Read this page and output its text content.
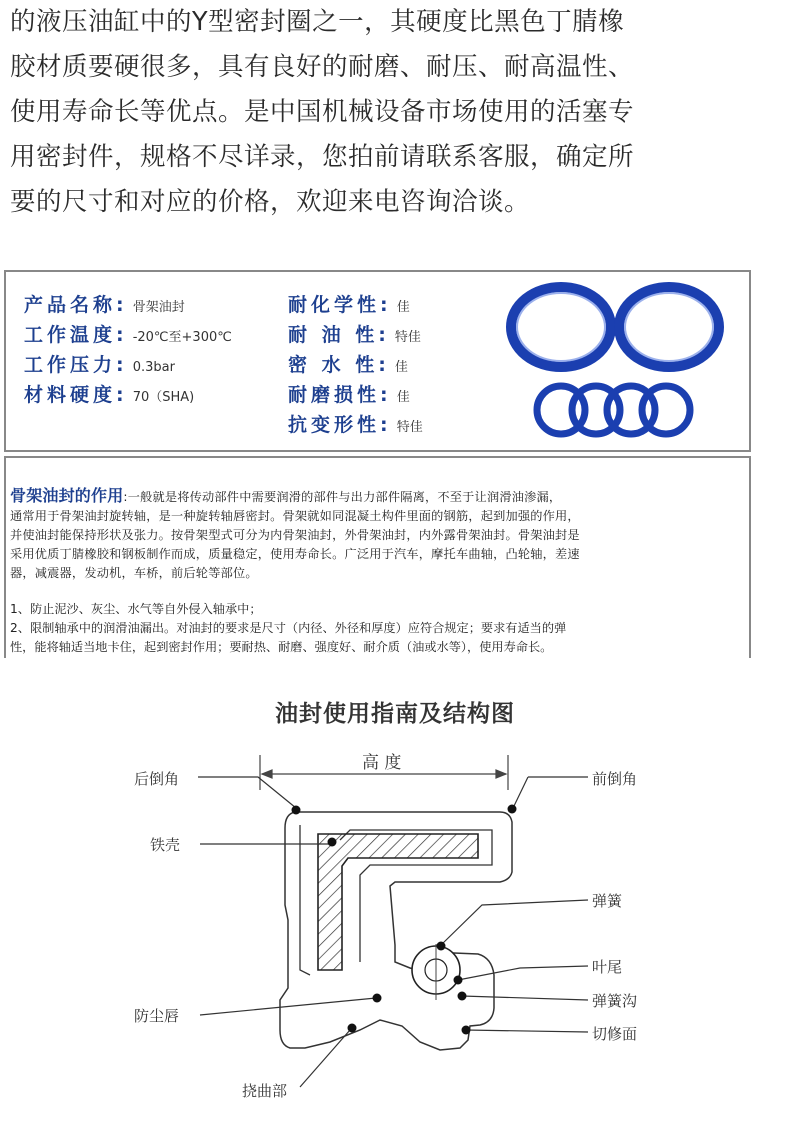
的液压油缸中的Y型密封圈之一，其硬度比黑色丁腈橡
胶材质要硬很多，具有良好的耐磨、耐压、耐高温性、
使用寿命长等优点。是中国机械设备市场使用的活塞专
用密封件，规格不尽详录，您拍前请联系客服，确定所
要的尺寸和对应的价格，欢迎来电咨询洽谈。
产品名称: 骨架油封
工作温度: -20℃至+300℃
工作压力: 0.3bar
材料硬度: 70（SHA)
耐化学性: 佳
耐 油 性: 特佳
密 水 性: 佳
耐磨损性: 佳
抗变形性: 特佳
骨架油封的作用:一般就是将传动部件中需要润滑的部件与出力部件隔离，不至于让润滑油渗漏，
通常用于骨架油封旋转轴，是一种旋转轴唇密封。骨架就如同混凝土构件里面的钢筋，起到加强的作用，
并使油封能保持形状及张力。按骨架型式可分为内骨架油封，外骨架油封，内外露骨架油封。骨架油封是
采用优质丁腈橡胶和钢板制作而成，质量稳定，使用寿命长。广泛用于汽车，摩托车曲轴，凸轮轴，差速
器，减震器，发动机，车桥，前后轮等部位。
1、防止泥沙、灰尘、水气等自外侵入轴承中；
2、限制轴承中的润滑油漏出。对油封的要求是尺寸（内径、外径和厚度）应符合规定；要求有适当的弹
性，能将轴适当地卡住，起到密封作用；要耐热、耐磨、强度好、耐介质（油或水等），使用寿命长。
油封使用指南及结构图
高 度
后倒角	前倒角
铁壳
弹簧
叶尾
弹簧沟
切修面
防尘唇
挠曲部
